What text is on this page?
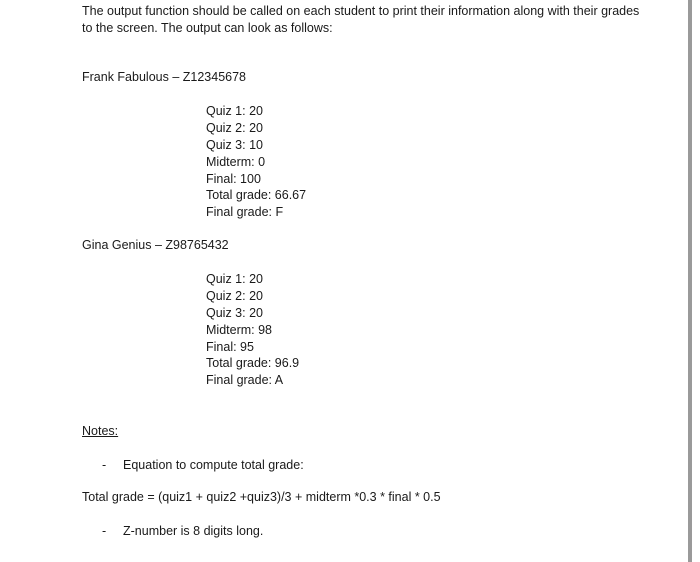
The output function should be called on each student to print their information along with their grades to the screen. The output can look as follows:
Frank Fabulous – Z12345678
Quiz 1: 20
Quiz 2: 20
Quiz 3: 10
Midterm: 0
Final: 100
Total grade: 66.67
Final grade: F
Gina Genius – Z98765432
Quiz 1: 20
Quiz 2: 20
Quiz 3: 20
Midterm: 98
Final: 95
Total grade: 96.9
Final grade: A
Notes:
- Equation to compute total grade:
Total grade = (quiz1 + quiz2 +quiz3)/3 + midterm *0.3 * final * 0.5
- Z-number is 8 digits long.
